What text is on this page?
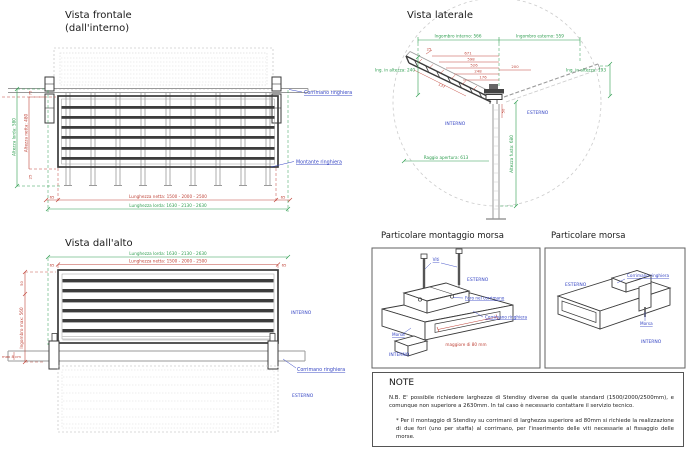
Lunghezza netta: 1500 - 2000 - 2500
65	65
Lunghezza lorda: 1630 - 2130 - 2630
Altezza lorda: 580 Altezza netta: 480
75
25
Corrimano ringhiera
Montante ringhiera
Ingombro interno: 566	Ingombro esterno: 559
137
25
671
598
526
248
176
200
Ing. in altezza: 240	Ing. in altezza: 193
Raggio apertura: 613
50
Altezza fusto: 680
INTERNO
ESTERNO
Lunghezza lorda: 1630 - 2130 - 2630
Lunghezza netta: 1500 - 2000 - 2500
65	65
50
Ingombro max: 560
max 8 cm
INTERNO
ESTERNO
Corrimano ringhiera
Viti
ESTERNO
maggiore di 80 mm
Foro nel corrimano
Corrimano ringhiera
Morsa
INTERNO
ESTERNO
Corrimano ringhiera
Morsa
INTERNO
Vista frontale
(dall'interno)
Vista laterale
Vista dall'alto
Particolare montaggio morsa	Particolare morsa
NOTE

N.B. E' possibile richiedere larghezze di Stendisy diverse da quelle standard (1500/2000/2500mm), e comunque non superiore a 2630mm. In tal caso è necessario contattare il servizio tecnico.

* Per il montaggio di Stendisy su corrimani di larghezza superiore ad 80mm si richiede la realizzazione di due fori (uno per staffa) al corrimano, per l'inserimento delle viti necessarie al fissaggio delle morse.
